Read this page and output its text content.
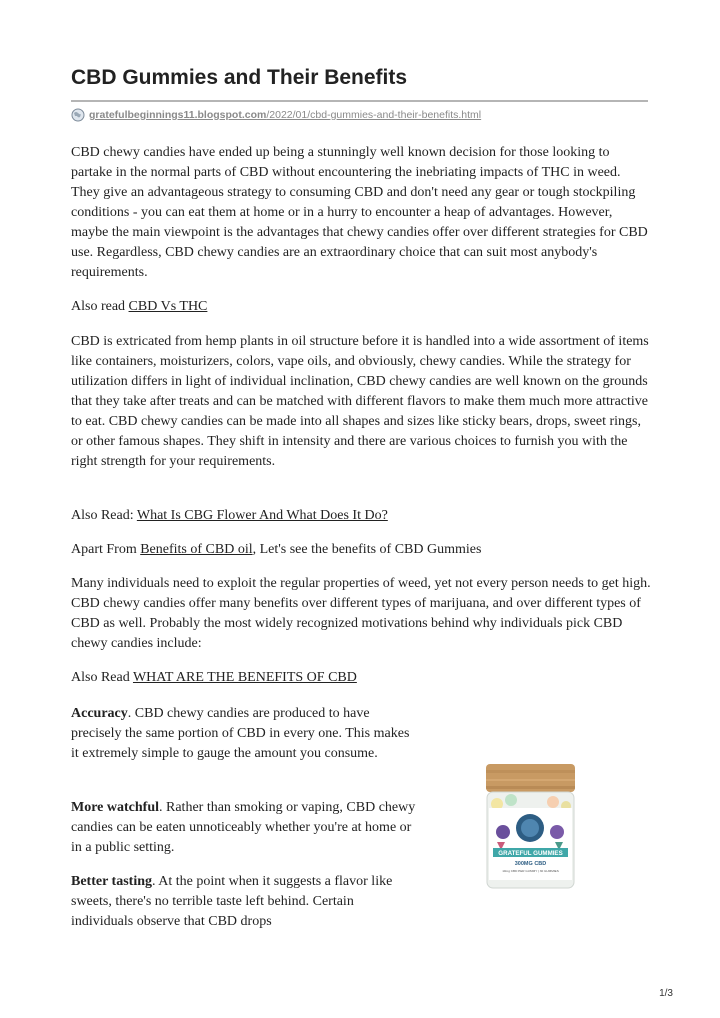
CBD Gummies and Their Benefits
gratefulbeginnings11.blogspot.com/2022/01/cbd-gummies-and-their-benefits.html

CBD chewy candies have ended up being a stunningly well known decision for those looking to partake in the normal parts of CBD without encountering the inebriating impacts of THC in weed. They give an advantageous strategy to consuming CBD and don't need any gear or tough stockpiling conditions - you can eat them at home or in a hurry to encounter a heap of advantages. However, maybe the main viewpoint is the advantages that chewy candies offer over different strategies for CBD use. Regardless, CBD chewy candies are an extraordinary choice that can suit most anybody's requirements.

Also read CBD Vs THC

CBD is extricated from hemp plants in oil structure before it is handled into a wide assortment of items like containers, moisturizers, colors, vape oils, and obviously, chewy candies. While the strategy for utilization differs in light of individual inclination, CBD chewy candies are well known on the grounds that they take after treats and can be matched with different flavors to make them much more attractive to eat. CBD chewy candies can be made into all shapes and sizes like sticky bears, drops, sweet rings, or other famous shapes. They shift in intensity and there are various choices to furnish you with the right strength for your requirements.

Also Read: What Is CBG Flower And What Does It Do?

Apart From Benefits of CBD oil, Let's see the benefits of CBD Gummies

Many individuals need to exploit the regular properties of weed, yet not every person needs to get high. CBD chewy candies offer many benefits over different types of marijuana, and over different types of CBD as well. Probably the most widely recognized motivations behind why individuals pick CBD chewy candies include:

Also Read WHAT ARE THE BENEFITS OF CBD

Accuracy. CBD chewy candies are produced to have precisely the same portion of CBD in every one. This makes it extremely simple to gauge the amount you consume.

More watchful. Rather than smoking or vaping, CBD chewy candies can be eaten unnoticeably whether you're at home or in a public setting.

Better tasting. At the point when it suggests a flavor like sweets, there's no terrible taste left behind. Certain individuals observe that CBD drops

GRATEFUL GUMMIES
300MG CBD
10mg CBD PER GUMMY | 30 GUMMIES
1/3
